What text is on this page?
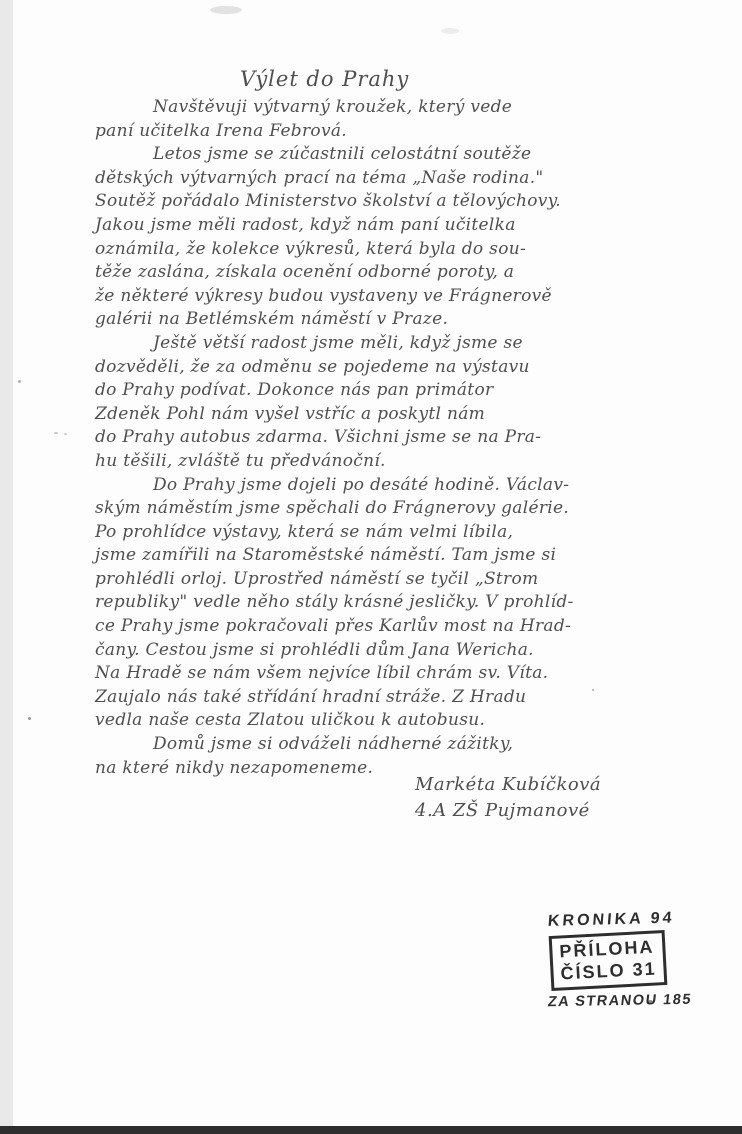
Výlet do Prahy
Navštěvuji výtvarný kroužek, který vede
paní učitelka Irena Febrová.
Letos jsme se zúčastnili celostátní soutěže
dětských výtvarných prací na téma „Naše rodina."
Soutěž pořádalo Ministerstvo školství a tělovýchovy.
Jakou jsme měli radost, když nám paní učitelka
oznámila, že kolekce výkresů, která byla do sou-
těže zaslána, získala ocenění odborné poroty, a
že některé výkresy budou vystaveny ve Frágnerově
galérii na Betlémském náměstí v Praze.
Ještě větší radost jsme měli, když jsme se
dozvěděli, že za odměnu se pojedeme na výstavu
do Prahy podívat. Dokonce nás pan primátor
Zdeněk Pohl nám vyšel vstříc a poskytl nám
do Prahy autobus zdarma. Všichni jsme se na Pra-
hu těšili, zvláště tu předvánoční.
Do Prahy jsme dojeli po desáté hodině. Václav-
ským náměstím jsme spěchali do Frágnerovy galérie.
Po prohlídce výstavy, která se nám velmi líbila,
jsme zamířili na Staroměstské náměstí. Tam jsme si
prohlédli orloj. Uprostřed náměstí se tyčil „Strom
republiky" vedle něho stály krásné jesličky. V prohlíd-
ce Prahy jsme pokračovali přes Karlův most na Hrad-
čany. Cestou jsme si prohlédli dům Jana Wericha.
Na Hradě se nám všem nejvíce líbil chrám sv. Víta.
Zaujalo nás také střídání hradní stráže. Z Hradu
vedla naše cesta Zlatou uličkou k autobusu.
Domů jsme si odváželi nádherné zážitky,
na které nikdy nezapomeneme.
Markéta Kubíčková
4.A ZŠ Pujmanové
KRONIKA 94
PŘÍLOHA
ČÍSLO 31
ZA STRANOU 185
